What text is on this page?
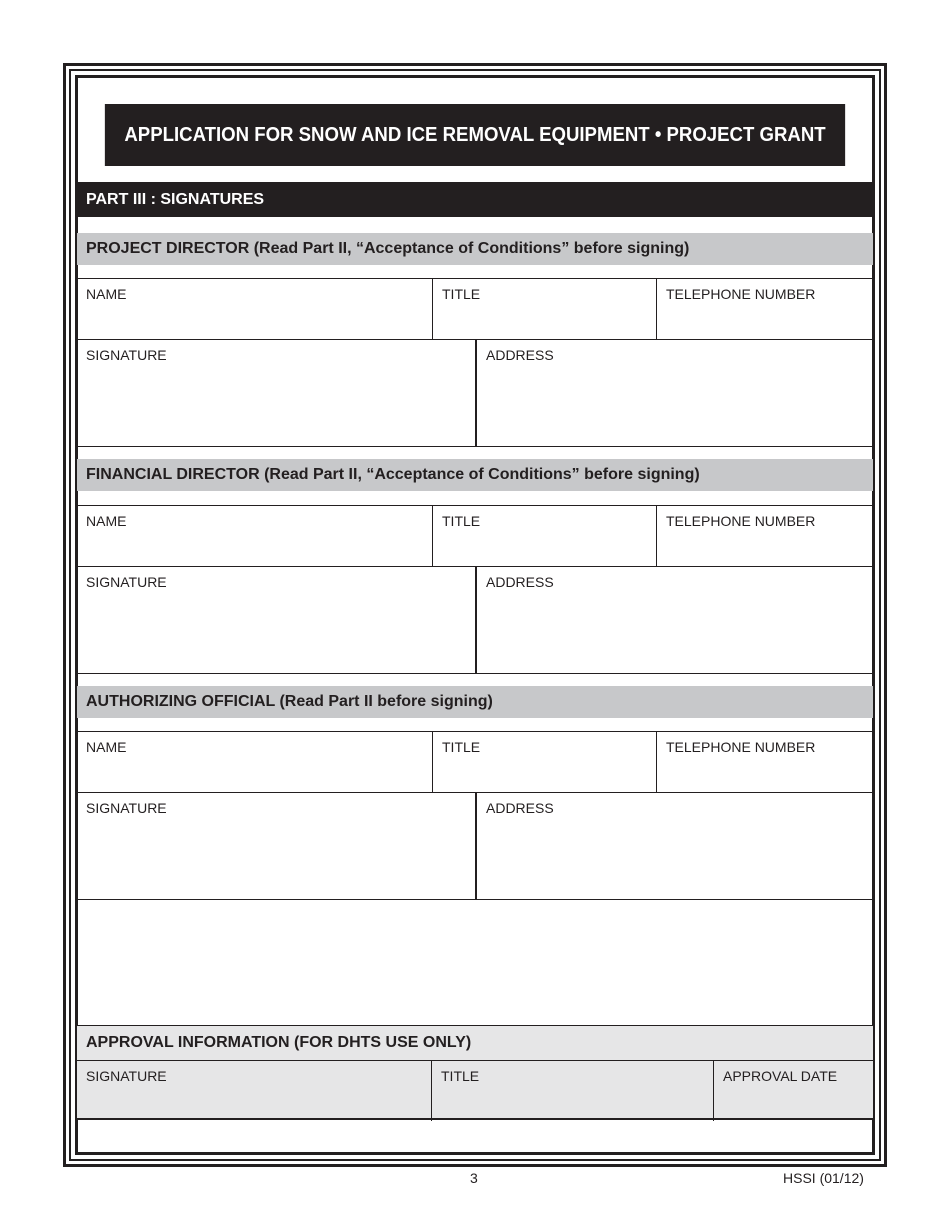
APPLICATION FOR SNOW AND ICE REMOVAL EQUIPMENT • PROJECT GRANT
PART III : SIGNATURES
PROJECT DIRECTOR (Read Part II, “Acceptance of Conditions” before signing)
NAME	TITLE	TELEPHONE NUMBER
SIGNATURE	ADDRESS
FINANCIAL DIRECTOR (Read Part II, “Acceptance of Conditions” before signing)
NAME	TITLE	TELEPHONE NUMBER
SIGNATURE	ADDRESS
AUTHORIZING OFFICIAL (Read Part II before signing)
NAME	TITLE	TELEPHONE NUMBER
SIGNATURE	ADDRESS
APPROVAL INFORMATION (FOR DHTS USE ONLY)
SIGNATURE	TITLE	APPROVAL DATE
3	HSSI (01/12)
